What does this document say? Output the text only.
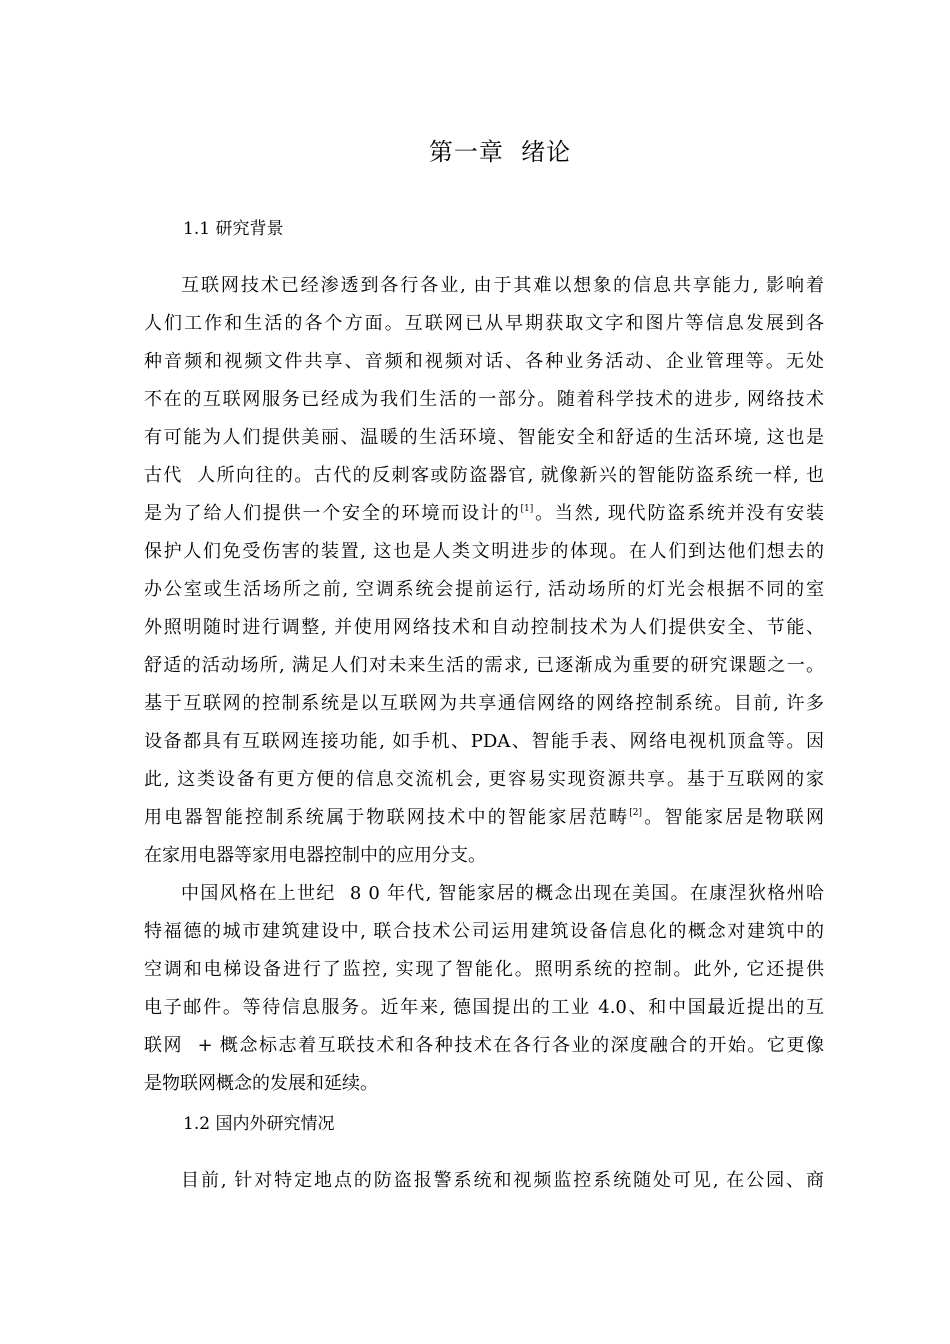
第一章  绪论
1.1 研究背景
互联网技术已经渗透到各行各业, 由于其难以想象的信息共享能力, 影响着
人们工作和生活的各个方面。互联网已从早期获取文字和图片等信息发展到各
种音频和视频文件共享、音频和视频对话、各种业务活动、企业管理等。无处
不在的互联网服务已经成为我们生活的一部分。随着科学技术的进步, 网络技术
有可能为人们提供美丽、温暖的生活环境、智能安全和舒适的生活环境, 这也是
古代  人所向往的。古代的反刺客或防盗器官, 就像新兴的智能防盗系统一样, 也
是为了给人们提供一个安全的环境而设计的[1]。当然, 现代防盗系统并没有安装
保护人们免受伤害的装置, 这也是人类文明进步的体现。在人们到达他们想去的
办公室或生活场所之前, 空调系统会提前运行, 活动场所的灯光会根据不同的室
外照明随时进行调整, 并使用网络技术和自动控制技术为人们提供安全、节能、
舒适的活动场所, 满足人们对未来生活的需求, 已逐渐成为重要的研究课题之一。
基于互联网的控制系统是以互联网为共享通信网络的网络控制系统。目前, 许多
设备都具有互联网连接功能, 如手机、PDA、智能手表、网络电视机顶盒等。因
此, 这类设备有更方便的信息交流机会, 更容易实现资源共享。基于互联网的家
用电器智能控制系统属于物联网技术中的智能家居范畴[2]。智能家居是物联网
在家用电器等家用电器控制中的应用分支。
中国风格在上世纪  8 0 年代, 智能家居的概念出现在美国。在康涅狄格州哈
特福德的城市建筑建设中, 联合技术公司运用建筑设备信息化的概念对建筑中的
空调和电梯设备进行了监控, 实现了智能化。照明系统的控制。此外, 它还提供
电子邮件。等待信息服务。近年来, 德国提出的工业 4.0、和中国最近提出的互
联网  + 概念标志着互联技术和各种技术在各行各业的深度融合的开始。它更像
是物联网概念的发展和延续。
1.2 国内外研究情况
目前, 针对特定地点的防盗报警系统和视频监控系统随处可见, 在公园、商
